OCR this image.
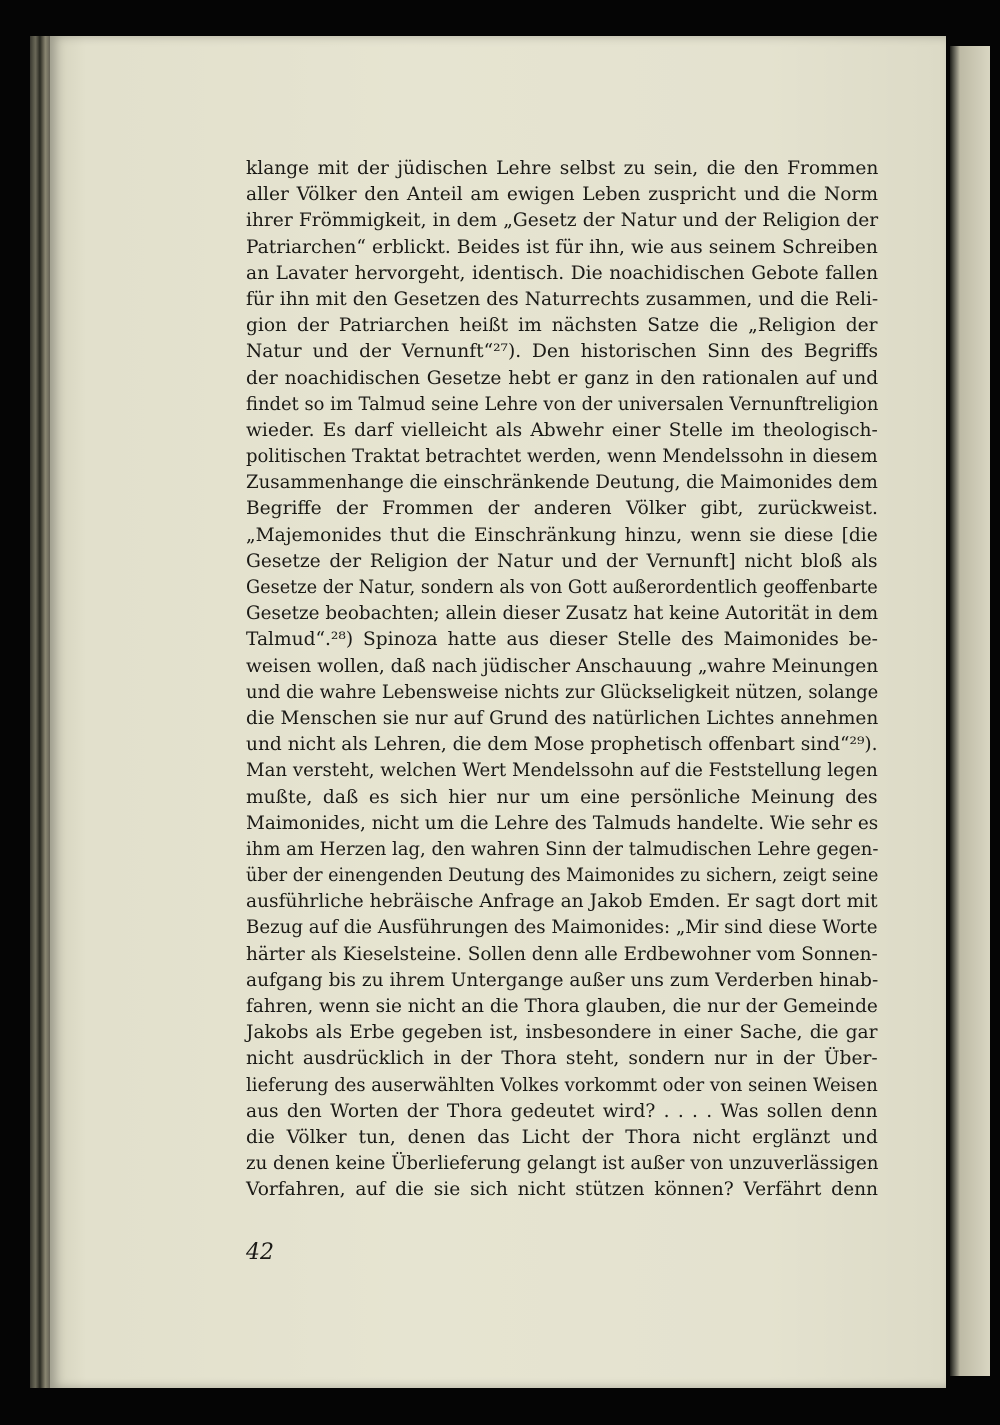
klange mit der jüdischen Lehre selbst zu sein, die den Frommen
aller Völker den Anteil am ewigen Leben zuspricht und die Norm
ihrer Frömmigkeit, in dem „Gesetz der Natur und der Religion der
Patriarchen“ erblickt. Beides ist für ihn, wie aus seinem Schreiben
an Lavater hervorgeht, identisch. Die noachidischen Gebote fallen
für ihn mit den Gesetzen des Naturrechts zusammen, und die Reli-
gion der Patriarchen heißt im nächsten Satze die „Religion der
Natur und der Vernunft“²⁷). Den historischen Sinn des Begriffs
der noachidischen Gesetze hebt er ganz in den rationalen auf und
findet so im Talmud seine Lehre von der universalen Vernunftreligion
wieder. Es darf vielleicht als Abwehr einer Stelle im theologisch-
politischen Traktat betrachtet werden, wenn Mendelssohn in diesem
Zusammenhange die einschränkende Deutung, die Maimonides dem
Begriffe der Frommen der anderen Völker gibt, zurückweist.
„Majemonides thut die Einschränkung hinzu, wenn sie diese [die
Gesetze der Religion der Natur und der Vernunft] nicht bloß als
Gesetze der Natur, sondern als von Gott außerordentlich geoffenbarte
Gesetze beobachten; allein dieser Zusatz hat keine Autorität in dem
Talmud“.²⁸) Spinoza hatte aus dieser Stelle des Maimonides be-
weisen wollen, daß nach jüdischer Anschauung „wahre Meinungen
und die wahre Lebensweise nichts zur Glückseligkeit nützen, solange
die Menschen sie nur auf Grund des natürlichen Lichtes annehmen
und nicht als Lehren, die dem Mose prophetisch offenbart sind“²⁹).
Man versteht, welchen Wert Mendelssohn auf die Feststellung legen
mußte, daß es sich hier nur um eine persönliche Meinung des
Maimonides, nicht um die Lehre des Talmuds handelte. Wie sehr es
ihm am Herzen lag, den wahren Sinn der talmudischen Lehre gegen-
über der einengenden Deutung des Maimonides zu sichern, zeigt seine
ausführliche hebräische Anfrage an Jakob Emden. Er sagt dort mit
Bezug auf die Ausführungen des Maimonides: „Mir sind diese Worte
härter als Kieselsteine. Sollen denn alle Erdbewohner vom Sonnen-
aufgang bis zu ihrem Untergange außer uns zum Verderben hinab-
fahren, wenn sie nicht an die Thora glauben, die nur der Gemeinde
Jakobs als Erbe gegeben ist, insbesondere in einer Sache, die gar
nicht ausdrücklich in der Thora steht, sondern nur in der Über-
lieferung des auserwählten Volkes vorkommt oder von seinen Weisen
aus den Worten der Thora gedeutet wird? . . . . Was sollen denn
die Völker tun, denen das Licht der Thora nicht erglänzt und
zu denen keine Überlieferung gelangt ist außer von unzuverlässigen
Vorfahren, auf die sie sich nicht stützen können? Verfährt denn
42
